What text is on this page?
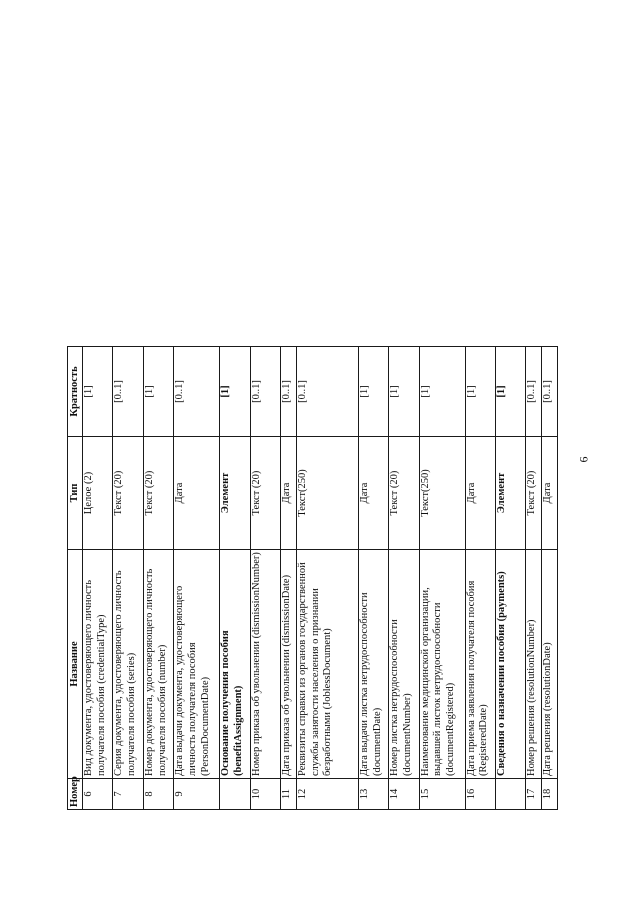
Номер	Название	Тип	Кратность
6	Вид документа, удостоверяющего личность получателя пособия (credentialType)	Целое (2)	[1]
7	Серия документа, удостоверяющего личность получателя пособия (series)	Текст (20)	[0..1]
8	Номер документа, удостоверяющего личность получателя пособия (number)	Текст (20)	[1]
9	Дата выдачи документа, удостоверяющего личность получателя пособия (PersonDocumentDate)	Дата	[0..1]
	Основание получения пособия (benefitAssignment)	Элемент	[1]
10	Номер приказа об увольнении (dismissionNumber)	Текст (20)	[0..1]
11	Дата приказа об увольнении (dismissionDate)	Дата	[0..1]
12	Реквизиты справки из органов государственной службы занятости населения о признании безработными (JoblessDocument)	Текст(250)	[0..1]
13	Дата выдачи листка нетрудоспособности (documentDate)	Дата	[1]
14	Номер листка нетрудоспособности (documentNumber)	Текст (20)	[1]
15	Наименование медицинской организации, выдавшей листок нетрудоспособности (documentRegistered)	Текст(250)	[1]
16	Дата приема заявления получателя пособия (RegisteredDate)	Дата	[1]
	Сведения о назначении пособия (payments)	Элемент	[1]
17	Номер решения (resolutionNumber)	Текст (20)	[0..1]
18	Дата решения (resolutionDate)	Дата	[0..1]
6
